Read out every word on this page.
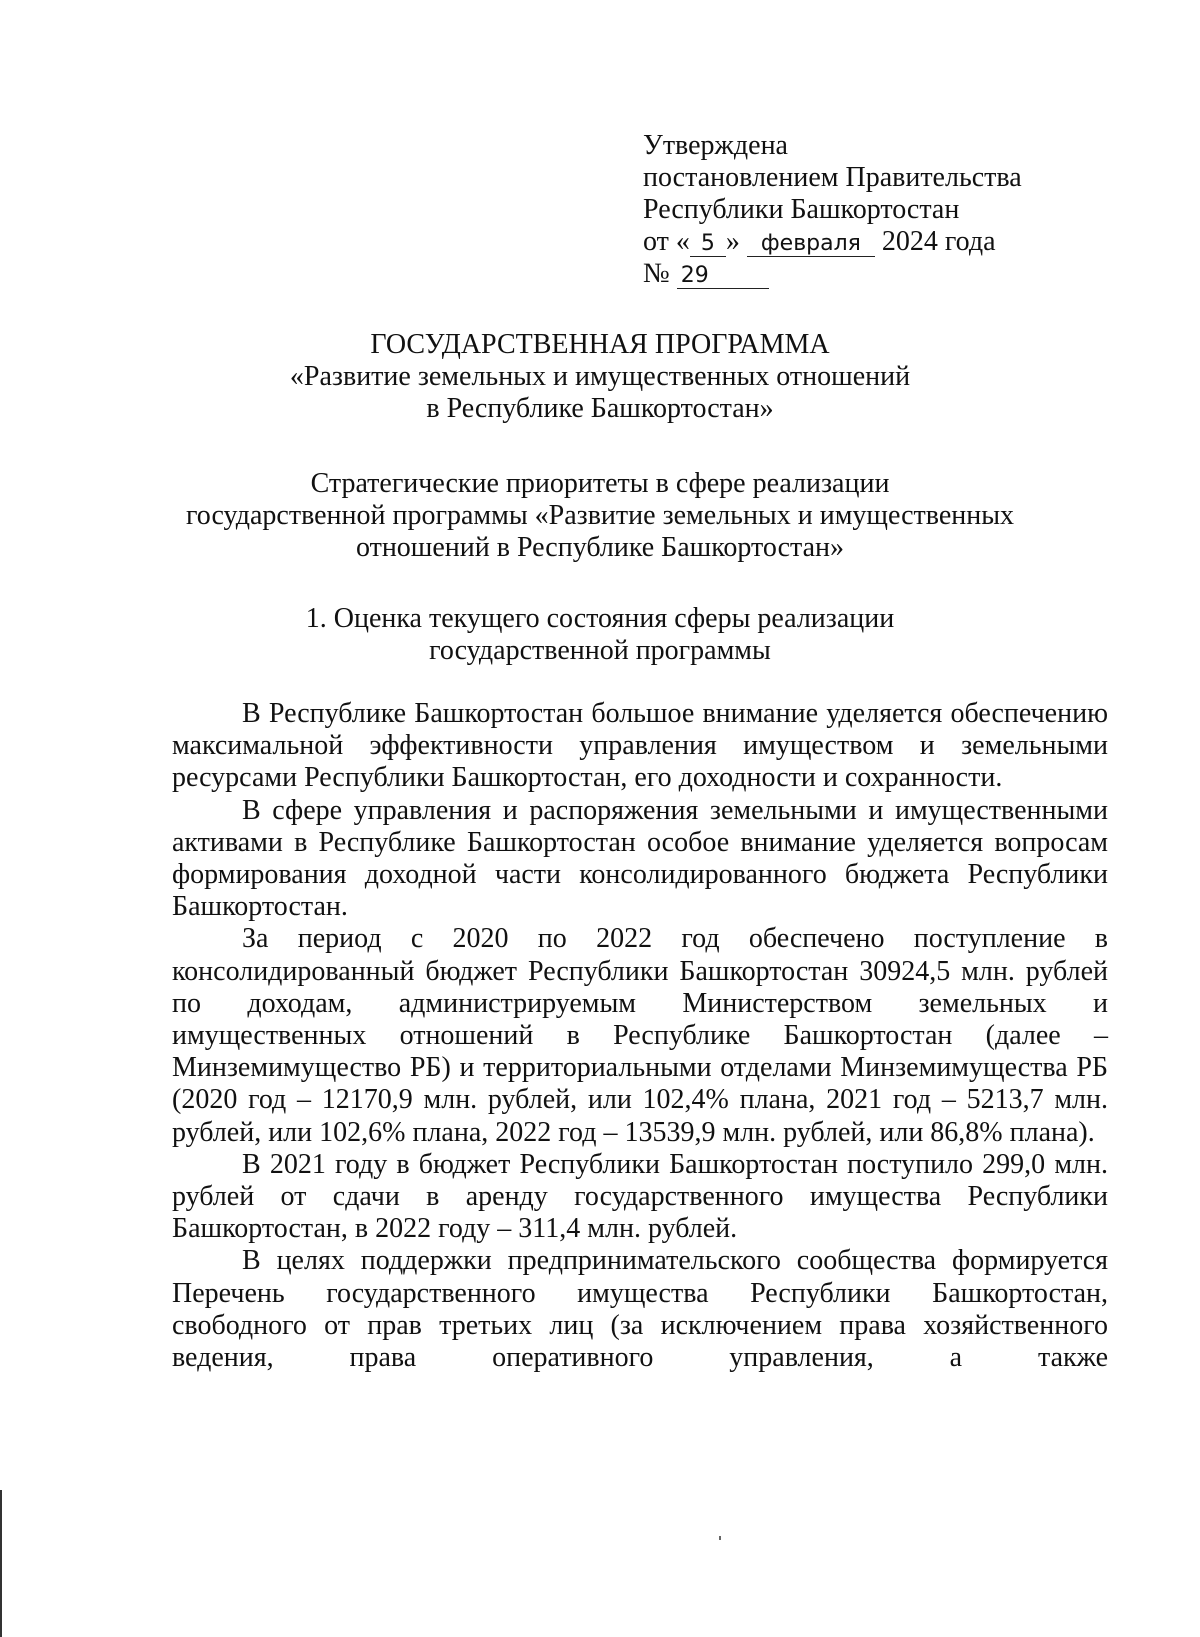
Утверждена
постановлением Правительства
Республики Башкортостан
от « 5 » февраля 2024 года
№ 29
ГОСУДАРСТВЕННАЯ ПРОГРАММА
«Развитие земельных и имущественных отношений
в Республике Башкортостан»
Стратегические приоритеты в сфере реализации
государственной программы «Развитие земельных и имущественных
отношений в Республике Башкортостан»
1. Оценка текущего состояния сферы реализации
государственной программы

В Республике Башкортостан большое внимание уделяется обеспечению максимальной эффективности управления имуществом и земельными ресурсами Республики Башкортостан, его доходности и сохранности.

В сфере управления и распоряжения земельными и имущественными активами в Республике Башкортостан особое внимание уделяется вопросам формирования доходной части консолидированного бюджета Республики Башкортостан.

За период с 2020 по 2022 год обеспечено поступление в консолидированный бюджет Республики Башкортостан 30924,5 млн. рублей по доходам, администрируемым Министерством земельных и имущественных отношений в Республике Башкортостан (далее – Минземимущество РБ) и территориальными отделами Минземимущества РБ (2020 год – 12170,9 млн. рублей, или 102,4% плана, 2021 год – 5213,7 млн. рублей, или 102,6% плана, 2022 год – 13539,9 млн. рублей, или 86,8% плана).

В 2021 году в бюджет Республики Башкортостан поступило 299,0 млн. рублей от сдачи в аренду государственного имущества Республики Башкортостан, в 2022 году – 311,4 млн. рублей.

В целях поддержки предпринимательского сообщества формируется Перечень государственного имущества Республики Башкортостан, свободного от прав третьих лиц (за исключением права хозяйственного ведения, права оперативного управления, а также
